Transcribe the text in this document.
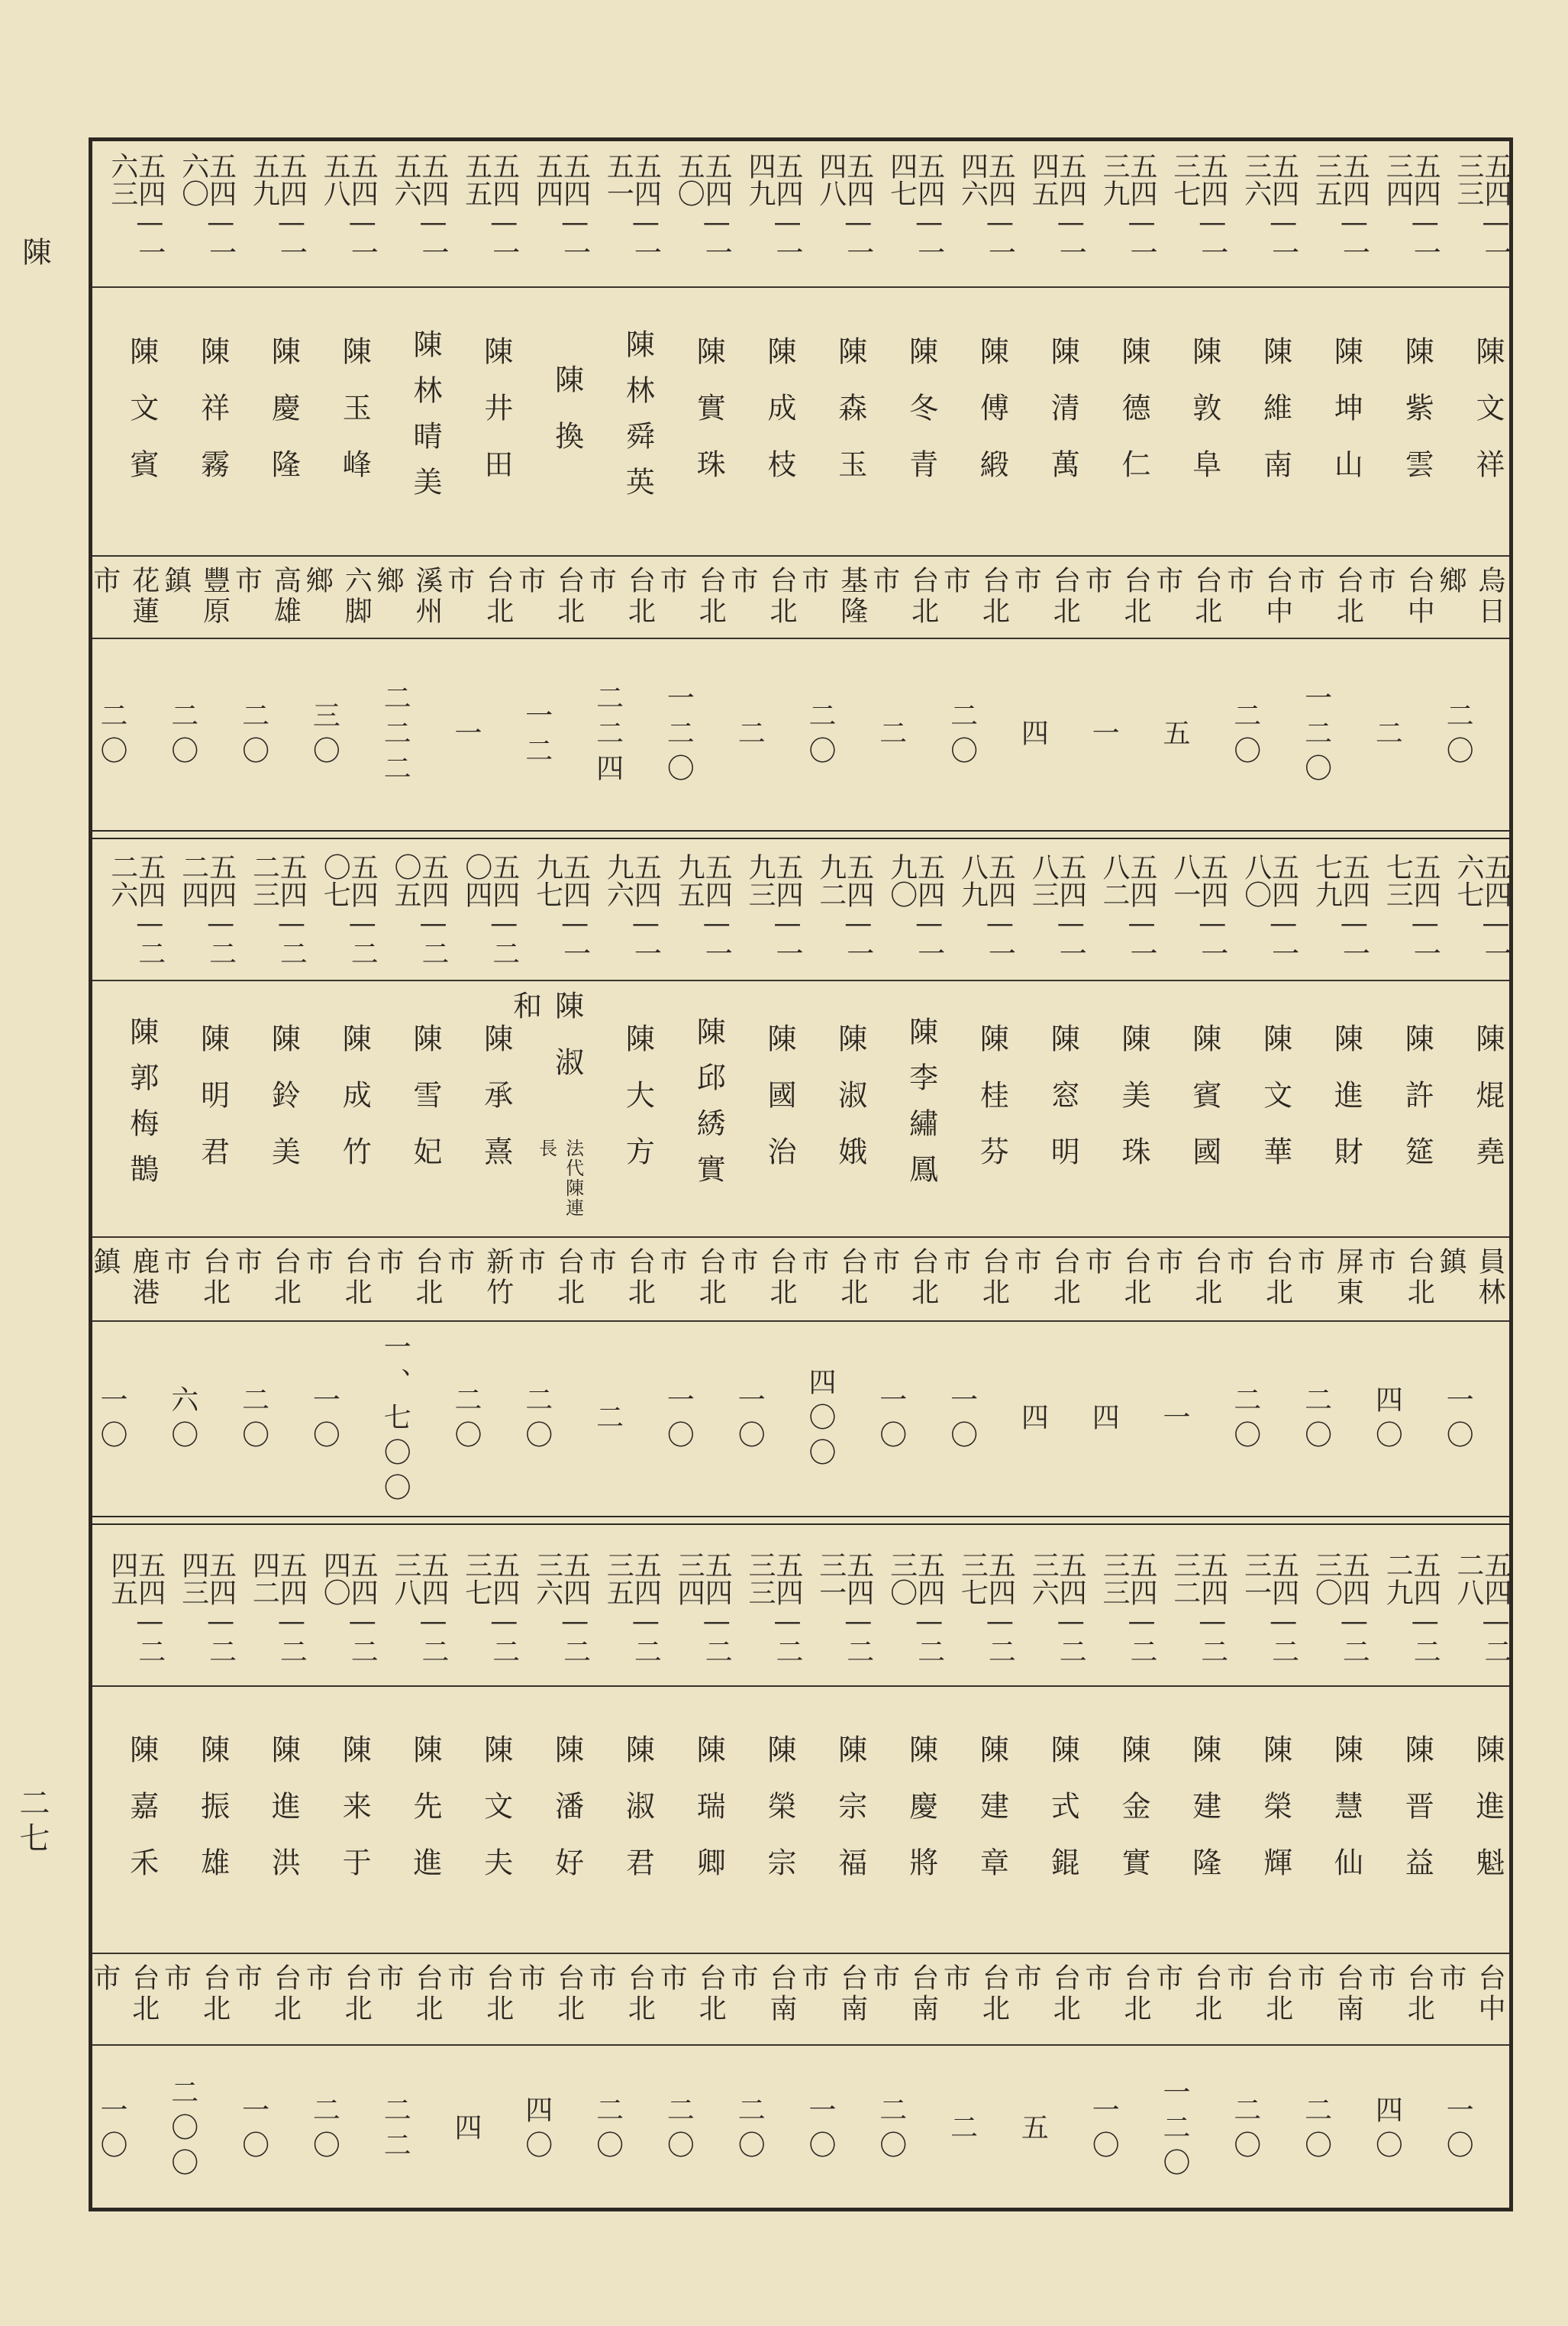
陳
二七
五四—一三三
陳文祥
烏日鄉
二〇
五四—一三四
陳紫雲
台中市
二
五四—一三五
陳坤山
台北市
一二〇
五四—一三六
陳維南
台中市
二〇
五四—一三七
陳敦阜
台北市
五
五四—一三九
陳德仁
台北市
一
五四—一四五
陳清萬
台北市
四
五四—一四六
陳傅緞
台北市
二〇
五四—一四七
陳冬青
台北市
二
五四—一四八
陳森玉
基隆市
二〇
五四—一四九
陳成枝
台北市
二
五四—一五〇
陳實珠
台北市
一二〇
五四—一五一
陳林舜英
台北市
二二四
五四—一五四
陳換
台北市
一二
五四—一五五
陳井田
台北市
一
五四—一五六
陳林晴美
溪州鄉
二二二
五四—一五八
陳玉峰
六脚鄉
三〇
五四—一五九
陳慶隆
高雄市
二〇
五四—一六〇
陳祥霧
豐原鎮
二〇
五四—一六三
陳文賓
花蓮市
二〇
五四—一六七
陳焜堯
員林鎮
一〇
五四—一七三
陳許筵
台北市
四〇
五四—一七九
陳進財
屏東市
二〇
五四—一八〇
陳文華
台北市
二〇
五四—一八一
陳賓國
台北市
一
五四—一八二
陳美珠
台北市
四
五四—一八三
陳窓明
台北市
四
五四—一八九
陳桂芬
台北市
一〇
五四—一九〇
陳李繡鳳
台北市
一〇
五四—一九二
陳淑娥
台北市
四〇〇
五四—一九三
陳國治
台北市
一〇
五四—一九五
陳邱綉實
台北市
一〇
五四—一九六
陳大方
台北市
二
五四—一九七
陳淑和
法代陳連長
台北市
二〇
五四—二〇四
陳承熹
新竹市
二〇
五四—二〇五
陳雪妃
台北市
一、七〇〇
五四—二〇七
陳成竹
台北市
一〇
五四—二二三
陳鈴美
台北市
二〇
五四—二二四
陳明君
台北市
六〇
五四—二二六
陳郭梅鵲
鹿港鎮
一〇
五四—二二八
陳進魁
台中市
一〇
五四—二二九
陳晋益
台北市
四〇
五四—二三〇
陳慧仙
台南市
二〇
五四—二三一
陳榮輝
台北市
二〇
五四—二三二
陳建隆
台北市
一二〇
五四—二三三
陳金實
台北市
一〇
五四—二三六
陳式錕
台北市
五
五四—二三七
陳建章
台北市
二
五四—二三〇
陳慶將
台南市
二〇
五四—二三一
陳宗福
台南市
一〇
五四—二三三
陳榮宗
台南市
二〇
五四—二三四
陳瑞卿
台北市
二〇
五四—二三五
陳淑君
台北市
二〇
五四—二三六
陳潘好
台北市
四〇
五四—二三七
陳文夫
台北市
四
五四—二三八
陳先進
台北市
二二
五四—二四〇
陳来于
台北市
二〇
五四—二四二
陳進洪
台北市
一〇
五四—二四三
陳振雄
台北市
二〇〇
五四—二四五
陳嘉禾
台北市
一〇
